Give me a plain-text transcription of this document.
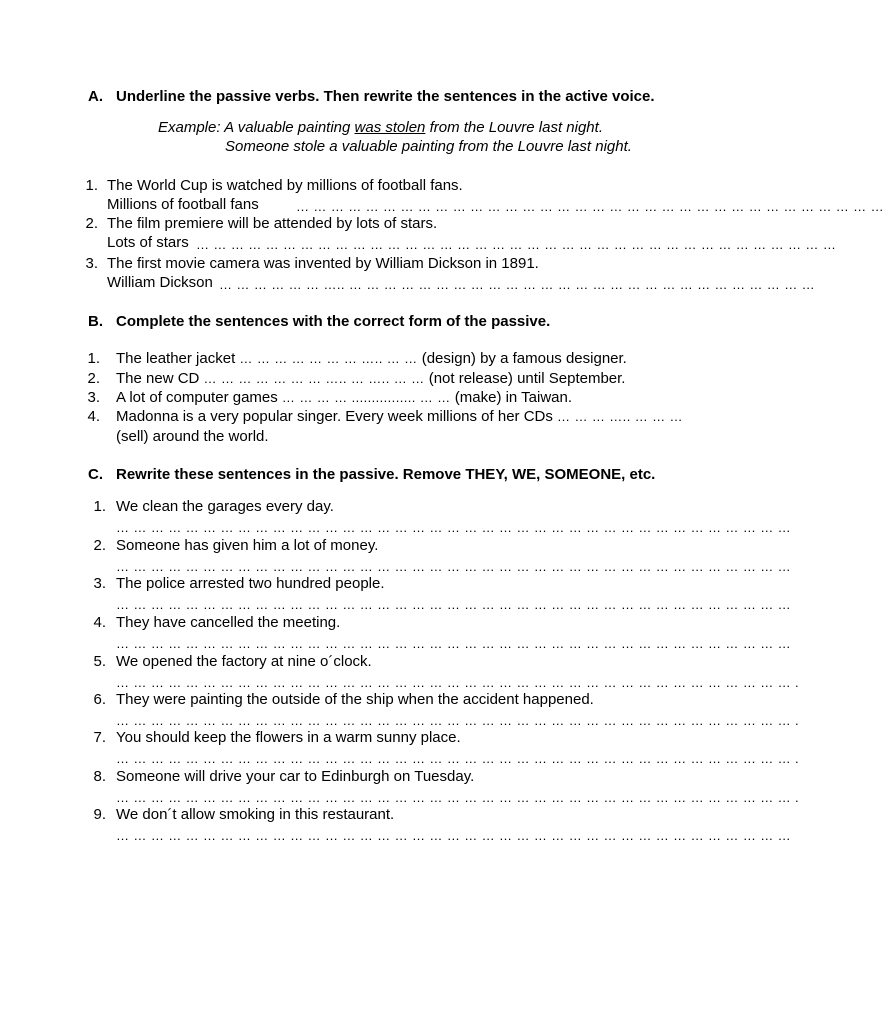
A. Underline the passive verbs. Then rewrite the sentences in the active voice.
Example: A valuable painting was stolen from the Louvre last night.
Someone stole a valuable painting from the Louvre last night.
1. The World Cup is watched by millions of football fans.
Millions of football fans	… … … … … … … … … … … … … … … … … … … … … … … … … … … … … … … … … …
2. The film premiere will be attended by lots of stars.
Lots of stars … … … … … … … … … … … … … … … … … … … … … … … … … … … … … … … … … … … … …
3. The first movie camera was invented by William Dickson in 1891.
William Dickson … … … … … … ….. … … … … … … … … … … … … … … … … … … … … … … … … … … …
B. Complete the sentences with the correct form of the passive.
1. The leather jacket … … … … … … … ….. … … (design) by a famous designer.
2. The new CD … … … … … … … ….. … ….. … … (not release) until September.
3. A lot of computer games … … … … ................ … … (make) in Taiwan.
4. Madonna is a very popular singer. Every week millions of her CDs … … … ….. … … …
(sell) around the world.
C. Rewrite these sentences in the passive. Remove THEY, WE, SOMEONE, etc.
1. We clean the garages every day.
… … … … … … … … … … … … … … … … … … … … … … … … … … … … … … … … … … … … … … …
2. Someone has given him a lot of money.
… … … … … … … … … … … … … … … … … … … … … … … … … … … … … … … … … … … … … … …
3. The police arrested two hundred people.
… … … … … … … … … … … … … … … … … … … … … … … … … … … … … … … … … … … … … … …
4. They have cancelled the meeting.
… … … … … … … … … … … … … … … … … … … … … … … … … … … … … … … … … … … … … … …
5. We opened the factory at nine o´clock.
… … … … … … … … … … … … … … … … … … … … … … … … … … … … … … … … … … … … … … … .
6. They were painting the outside of the ship when the accident happened.
… … … … … … … … … … … … … … … … … … … … … … … … … … … … … … … … … … … … … … … .
7. You should keep the flowers in a warm sunny place.
… … … … … … … … … … … … … … … … … … … … … … … … … … … … … … … … … … … … … … … .
8. Someone will drive your car to Edinburgh on Tuesday.
… … … … … … … … … … … … … … … … … … … … … … … … … … … … … … … … … … … … … … … .
9. We don´t allow smoking in this restaurant.
… … … … … … … … … … … … … … … … … … … … … … … … … … … … … … … … … … … … … … …
